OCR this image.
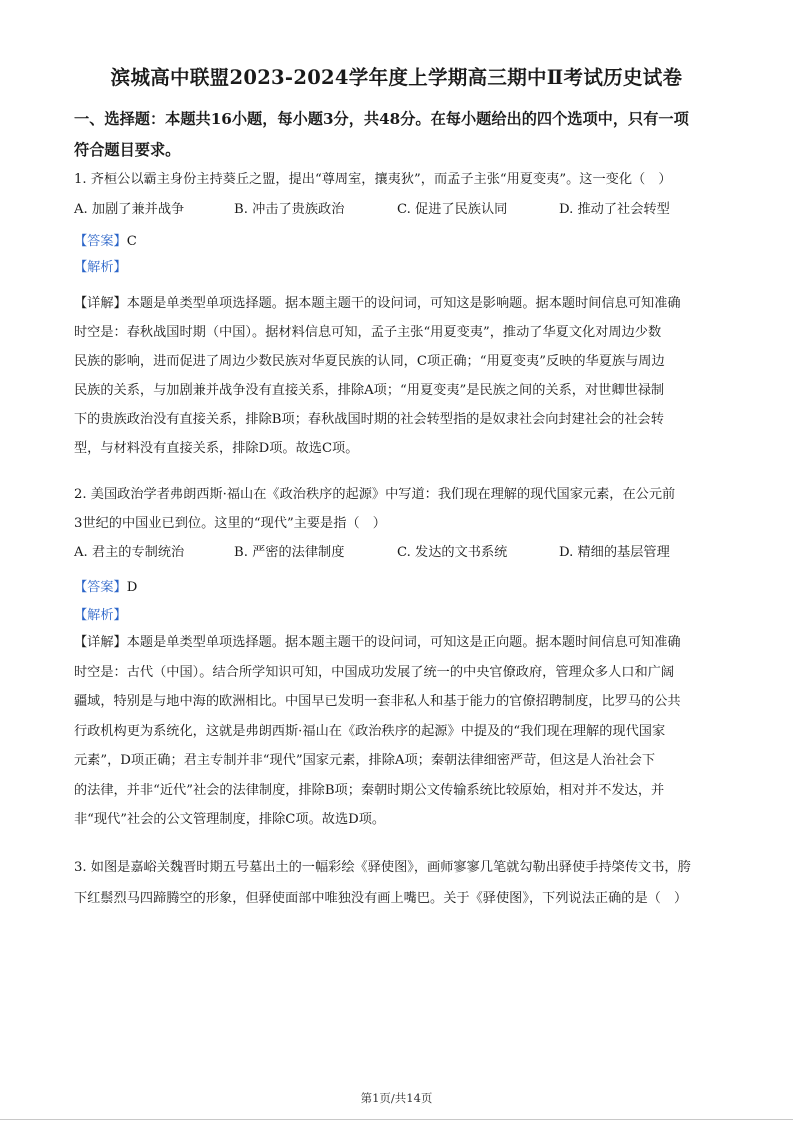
滨城高中联盟2023-2024学年度上学期高三期中Ⅱ考试历史试卷
一、选择题：本题共16小题，每小题3分，共48分。在每小题给出的四个选项中，只有一项
符合题目要求。
1. 齐桓公以霸主身份主持葵丘之盟，提出“尊周室，攘夷狄”，而孟子主张“用夏变夷”。这一变化（　）
A. 加剧了兼并战争	B. 冲击了贵族政治	C. 促进了民族认同	D. 推动了社会转型
【答案】C
【解析】
【详解】本题是单类型单项选择题。据本题主题干的设问词，可知这是影响题。据本题时间信息可知准确
时空是：春秋战国时期（中国）。据材料信息可知，孟子主张“用夏变夷”，推动了华夏文化对周边少数
民族的影响，进而促进了周边少数民族对华夏民族的认同，C项正确；“用夏变夷”反映的华夏族与周边
民族的关系，与加剧兼并战争没有直接关系，排除A项；“用夏变夷”是民族之间的关系，对世卿世禄制
下的贵族政治没有直接关系，排除B项；春秋战国时期的社会转型指的是奴隶社会向封建社会的社会转
型，与材料没有直接关系，排除D项。故选C项。
2. 美国政治学者弗朗西斯·福山在《政治秩序的起源》中写道：我们现在理解的现代国家元素，在公元前
3世纪的中国业已到位。这里的“现代”主要是指（　）
A. 君主的专制统治	B. 严密的法律制度	C. 发达的文书系统	D. 精细的基层管理
【答案】D
【解析】
【详解】本题是单类型单项选择题。据本题主题干的设问词，可知这是正向题。据本题时间信息可知准确
时空是：古代（中国）。结合所学知识可知，中国成功发展了统一的中央官僚政府，管理众多人口和广阔
疆域，特别是与地中海的欧洲相比。中国早已发明一套非私人和基于能力的官僚招聘制度，比罗马的公共
行政机构更为系统化，这就是弗朗西斯·福山在《政治秩序的起源》中提及的“我们现在理解的现代国家
元素”，D项正确；君主专制并非“现代”国家元素，排除A项；秦朝法律细密严苛，但这是人治社会下
的法律，并非“近代”社会的法律制度，排除B项；秦朝时期公文传输系统比较原始，相对并不发达，并
非“现代”社会的公文管理制度，排除C项。故选D项。
3. 如图是嘉峪关魏晋时期五号墓出土的一幅彩绘《驿使图》，画师寥寥几笔就勾勒出驿使手持棨传文书，胯
下红鬃烈马四蹄腾空的形象，但驿使面部中唯独没有画上嘴巴。关于《驿使图》，下列说法正确的是（　）
第1页/共14页
